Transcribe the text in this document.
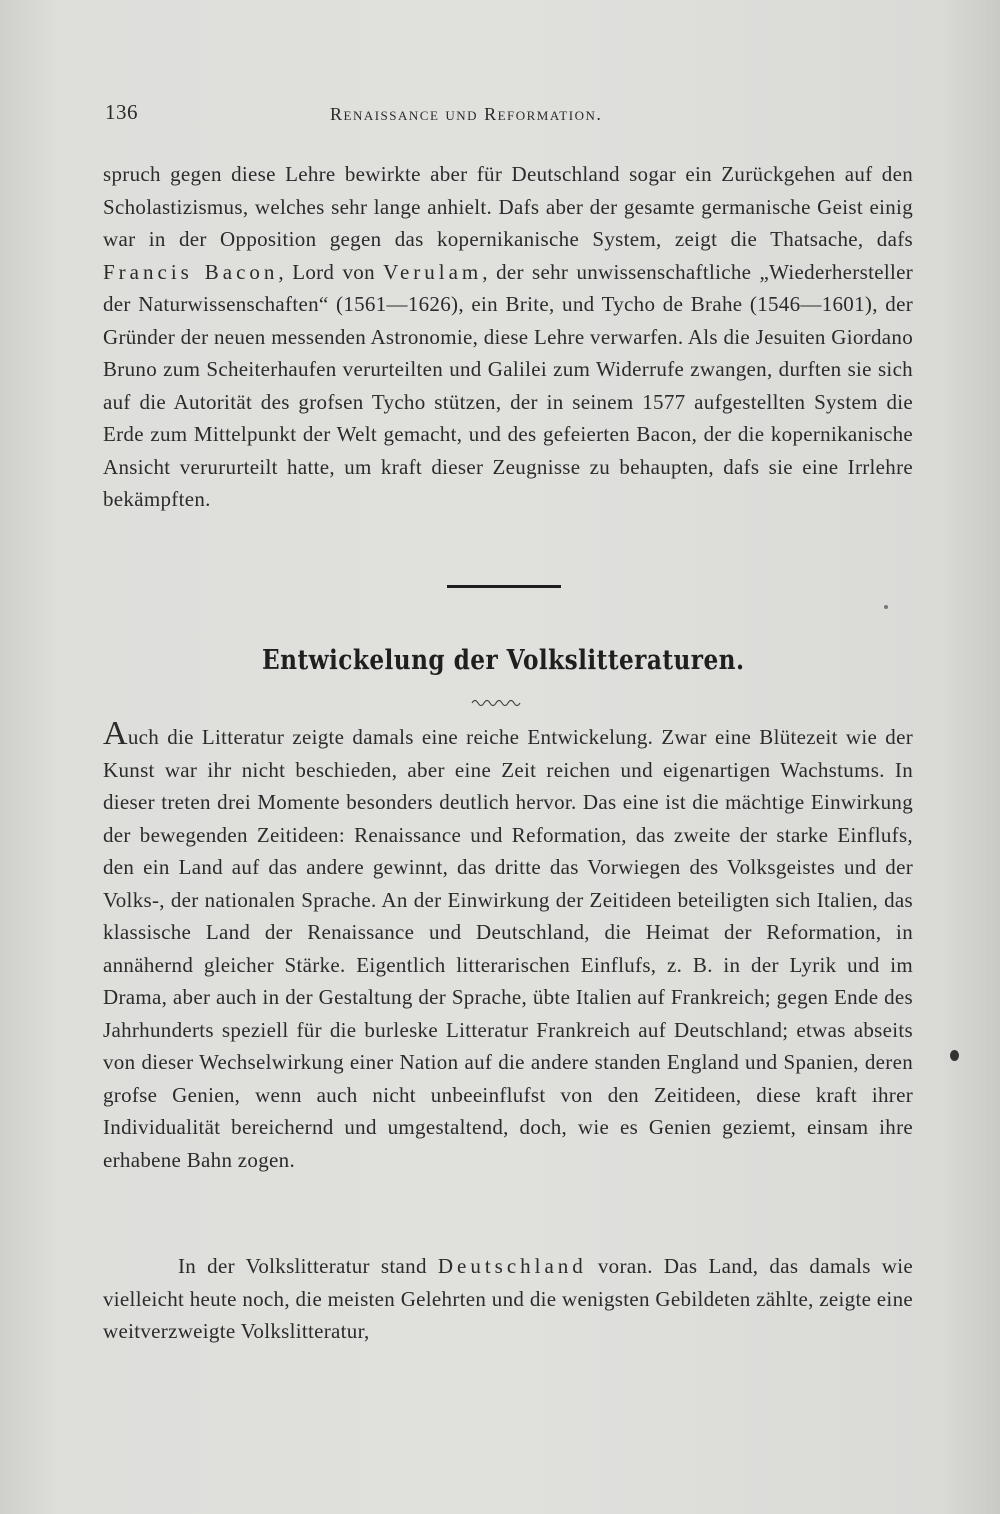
136	Renaissance und Reformation.

spruch gegen diese Lehre bewirkte aber für Deutschland sogar ein Zurückgehen auf den Scholastizismus, welches sehr lange anhielt. Dafs aber der gesamte germanische Geist einig war in der Opposition gegen das kopernikanische System, zeigt die Thatsache, dafs Francis Bacon, Lord von Verulam, der sehr unwissenschaftliche „Wiederhersteller der Naturwissenschaften“ (1561—1626), ein Brite, und Tycho de Brahe (1546—1601), der Gründer der neuen messenden Astronomie, diese Lehre verwarfen. Als die Jesuiten Giordano Bruno zum Scheiterhaufen verurteilten und Galilei zum Widerrufe zwangen, durften sie sich auf die Autorität des grofsen Tycho stützen, der in seinem 1577 aufgestellten System die Erde zum Mittelpunkt der Welt gemacht, und des gefeierten Bacon, der die kopernikanische Ansicht verururteilt hatte, um kraft dieser Zeugnisse zu behaupten, dafs sie eine Irrlehre bekämpften.

Entwickelung der Volkslitteraturen.

Auch die Litteratur zeigte damals eine reiche Entwickelung. Zwar eine Blütezeit wie der Kunst war ihr nicht beschieden, aber eine Zeit reichen und eigenartigen Wachstums. In dieser treten drei Momente besonders deutlich hervor. Das eine ist die mächtige Einwirkung der bewegenden Zeitideen: Renaissance und Reformation, das zweite der starke Einflufs, den ein Land auf das andere gewinnt, das dritte das Vorwiegen des Volksgeistes und der Volks-, der nationalen Sprache. An der Einwirkung der Zeitideen beteiligten sich Italien, das klassische Land der Renaissance und Deutschland, die Heimat der Reformation, in annähernd gleicher Stärke. Eigentlich litterarischen Einflufs, z. B. in der Lyrik und im Drama, aber auch in der Gestaltung der Sprache, übte Italien auf Frankreich; gegen Ende des Jahrhunderts speziell für die burleske Litteratur Frankreich auf Deutschland; etwas abseits von dieser Wechselwirkung einer Nation auf die andere standen England und Spanien, deren grofse Genien, wenn auch nicht unbeeinflufst von den Zeitideen, diese kraft ihrer Individualität bereichernd und umgestaltend, doch, wie es Genien geziemt, einsam ihre erhabene Bahn zogen.

In der Volkslitteratur stand Deutschland voran. Das Land, das damals wie vielleicht heute noch, die meisten Gelehrten und die wenigsten Gebildeten zählte, zeigte eine weitverzweigte Volkslitteratur,
